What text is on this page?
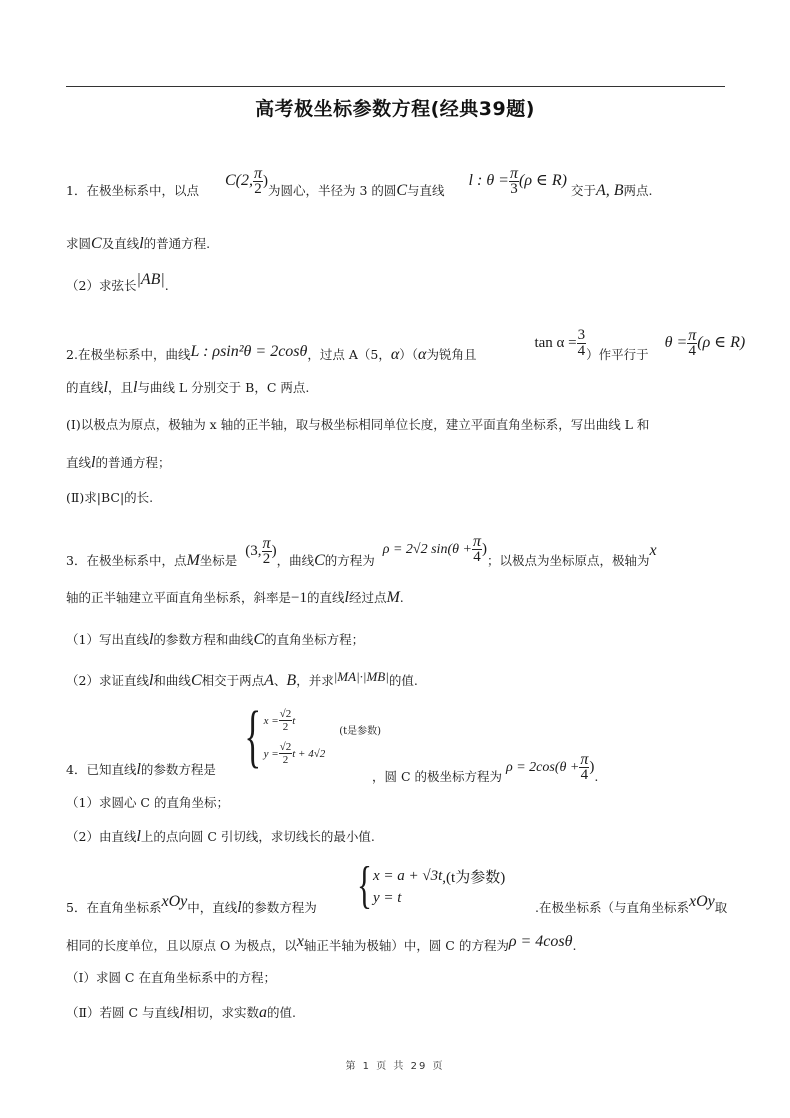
高考极坐标参数方程(经典39题)
1．在极坐标系中，以点 C(2, $\frac{\pi}{2}$ )为圆心，半径为 3 的圆C与直线 l : $\theta = \frac{\pi}{3} (\rho$ ∈ R) 交于A, B两点.
求圆C及直线l的普通方程.
（2）求弦长|AB|.
2.在极坐标系中，曲线L : ρsin²θ = 2cosθ，过点 A（5，α）（α为锐角且 $\tan \alpha = \frac{3}{4}$ ）作平行于 $\theta = \frac{\pi}{4} (\rho$ ∈ R)
的直线l，且l与曲线 L 分别交于 B，C 两点.
(Ⅰ)以极点为原点，极轴为 x 轴的正半轴，取与极坐标相同单位长度，建立平面直角坐标系，写出曲线 L 和
直线l的普通方程；
(Ⅱ)求|BC|的长.
3．在极坐标系中，点M坐标是 (3, $\frac{\pi}{2}$ )，曲线C的方程为 ρ = 2√2 $\sin(\theta + \frac{\pi}{4}$ )；以极点为坐标原点，极轴为x
轴的正半轴建立平面直角坐标系，斜率是−1的直线l经过点M.
（1）写出直线l的参数方程和曲线C的直角坐标方程；
（2）求证直线l和曲线C相交于两点A、B，并求|MA|·|MB|的值.
4．已知直线l的参数方程是 { $x = \frac{√2}{2}$ t
$y = \frac{√2}{2}$ t + 4√2
(t是参数)
，圆 C 的极坐标方程为 $\rho = 2\cos(\theta + \frac{\pi}{4}$ ).
（1）求圆心 C 的直角坐标；
（2）由直线l上的点向圆 C 引切线，求切线长的最小值.
5．在直角坐标系xOy中，直线l的参数方程为 { x = a + √3t ,(t为参数)
y = t
.在极坐标系（与直角坐标系xOy取
相同的长度单位，且以原点 O 为极点，以x轴正半轴为极轴）中，圆 C 的方程为ρ = 4cosθ.
（Ⅰ）求圆 C 在直角坐标系中的方程；
（Ⅱ）若圆 C 与直线l相切，求实数a的值.
第 1 页 共 29 页
